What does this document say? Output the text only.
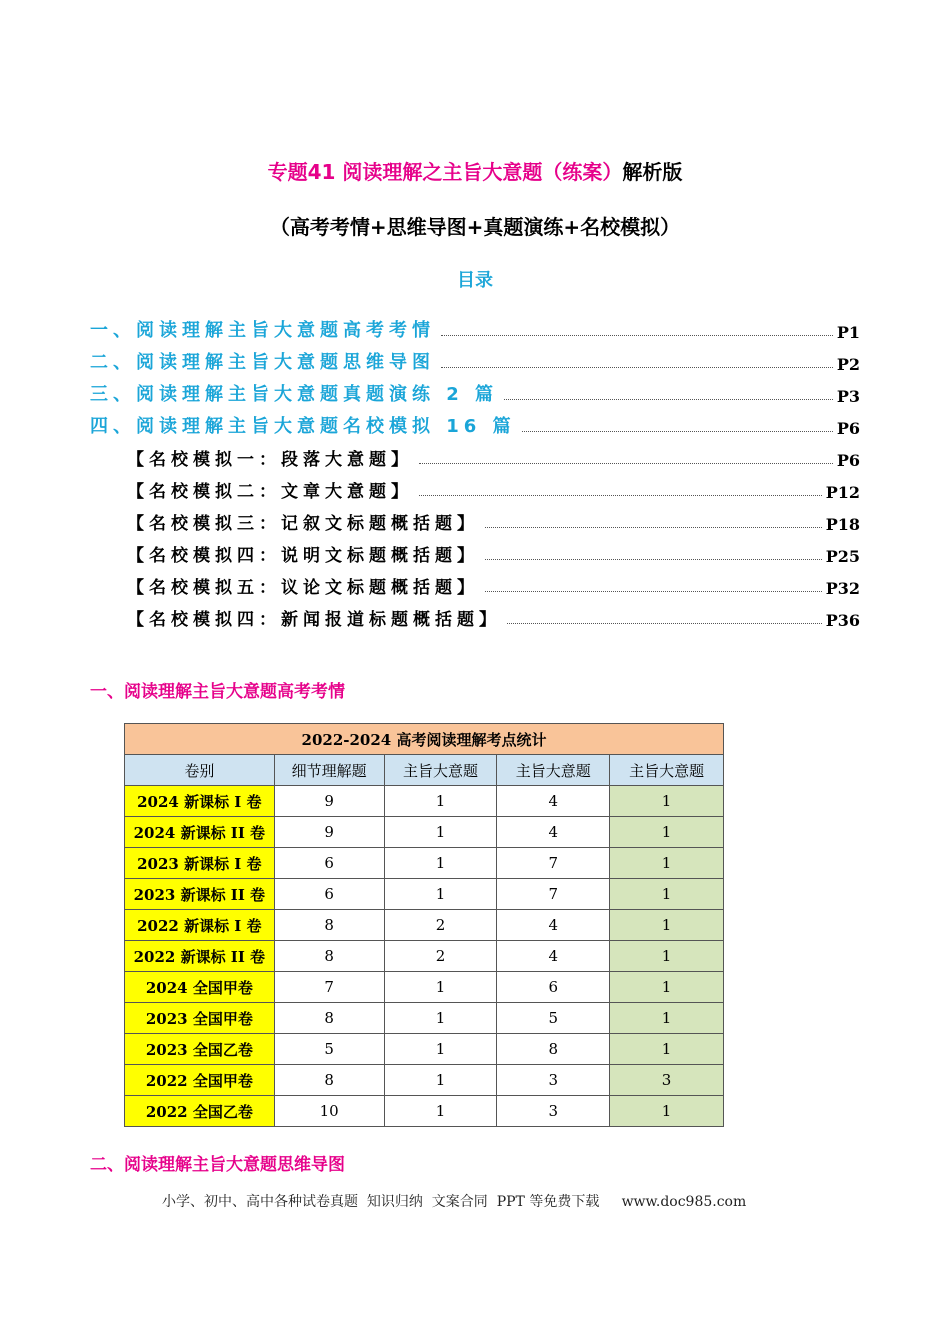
专题41 阅读理解之主旨大意题（练案）解析版
（高考考情+思维导图+真题演练+名校模拟）
目录
一、阅读理解主旨大意题高考考情	P1
二、阅读理解主旨大意题思维导图	P2
三、阅读理解主旨大意题真题演练 2 篇	P3
四、阅读理解主旨大意题名校模拟 16 篇	P6
【名校模拟一：段落大意题】	P6
【名校模拟二：文章大意题】	P12
【名校模拟三：记叙文标题概括题】	P18
【名校模拟四：说明文标题概括题】	P25
【名校模拟五：议论文标题概括题】	P32
【名校模拟四：新闻报道标题概括题】	P36
一、阅读理解主旨大意题高考考情
2022-2024 高考阅读理解考点统计				
卷别	细节理解题	主旨大意题	主旨大意题	主旨大意题
2024 新课标 I 卷	9	1	4	1
2024 新课标 II 卷	9	1	4	1
2023 新课标 I 卷	6	1	7	1
2023 新课标 II 卷	6	1	7	1
2022 新课标 I 卷	8	2	4	1
2022 新课标 II 卷	8	2	4	1
2024 全国甲卷	7	1	6	1
2023 全国甲卷	8	1	5	1
2023 全国乙卷	5	1	8	1
2022 全国甲卷	8	1	3	3
2022 全国乙卷	10	1	3	1
二、阅读理解主旨大意题思维导图
小学、初中、高中各种试卷真题  知识归纳  文案合同  PPT 等免费下载     www.doc985.com
